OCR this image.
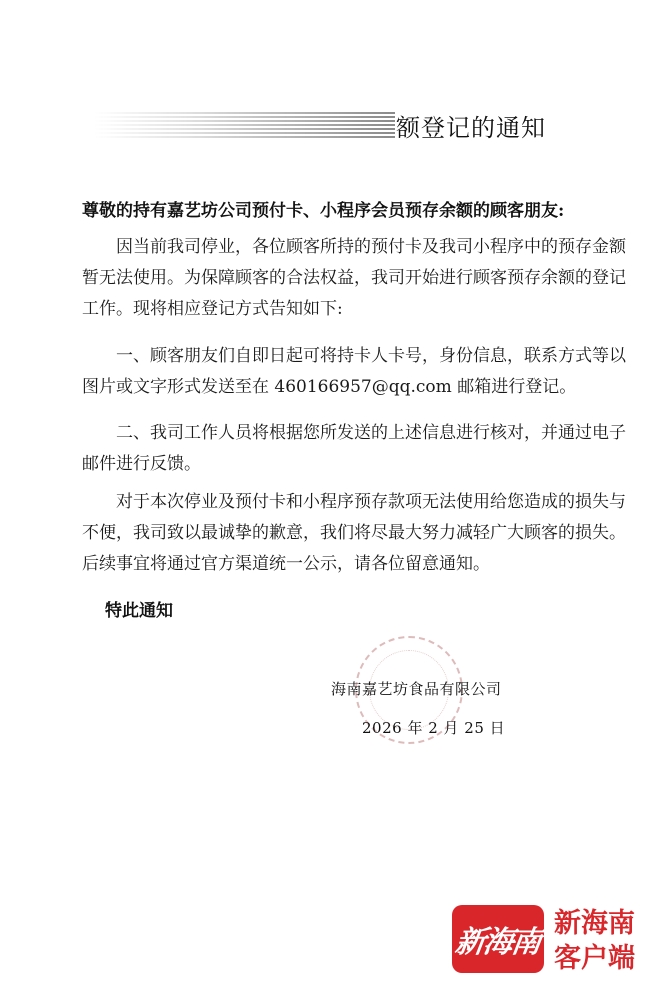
额登记的通知
尊敬的持有嘉艺坊公司预付卡、小程序会员预存余额的顾客朋友:
因当前我司停业，各位顾客所持的预付卡及我司小程序中的预存金额
暂无法使用。为保障顾客的合法权益，我司开始进行顾客预存余额的登记
工作。现将相应登记方式告知如下:
一、顾客朋友们自即日起可将持卡人卡号，身份信息，联系方式等以
图片或文字形式发送至在 460166957@qq.com 邮箱进行登记。
二、我司工作人员将根据您所发送的上述信息进行核对，并通过电子
邮件进行反馈。
对于本次停业及预付卡和小程序预存款项无法使用给您造成的损失与
不便，我司致以最诚挚的歉意，我们将尽最大努力减轻广大顾客的损失。
后续事宜将通过官方渠道统一公示，请各位留意通知。
特此通知
海南嘉艺坊食品有限公司
2026 年 2 月 25 日
新海南
新海南
客户端
